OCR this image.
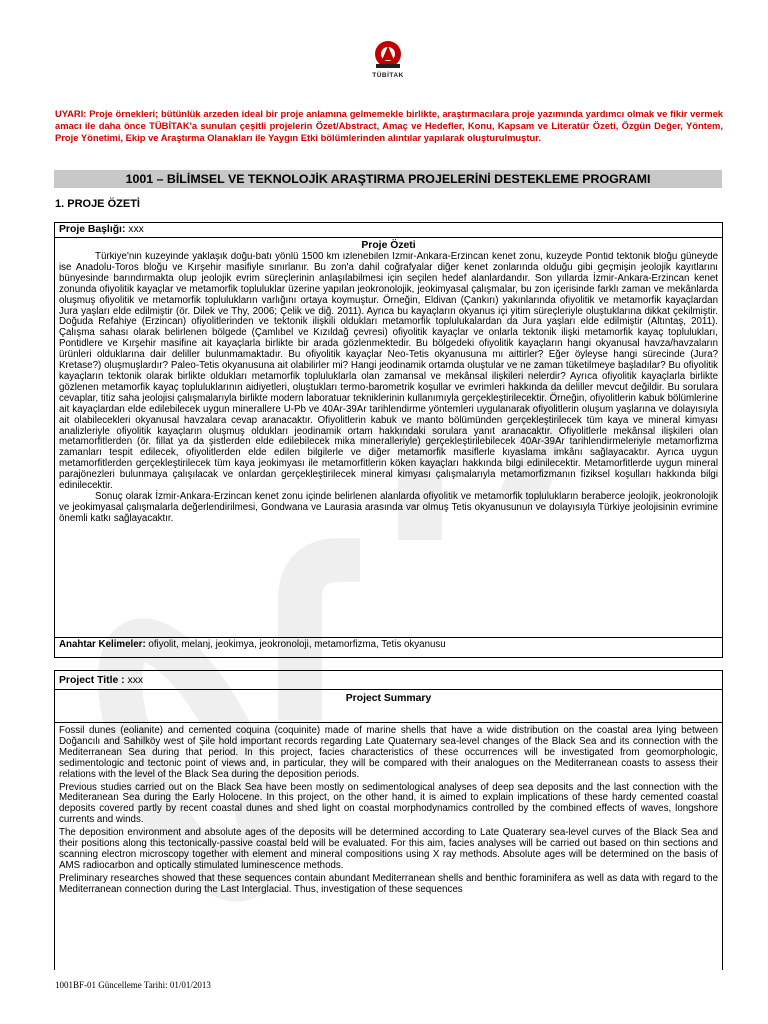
TÜBİTAK
UYARI: Proje örnekleri; bütünlük arzeden ideal bir proje anlamına gelmemekle birlikte, araştırmacılara proje yazımında yardımcı olmak ve fikir vermek amacı ile daha önce TÜBİTAK'a sunulan çeşitli projelerin Özet/Abstract, Amaç ve Hedefler, Konu, Kapsam ve Literatür Özeti, Özgün Değer, Yöntem, Proje Yönetimi, Ekip ve Araştırma Olanakları ile Yaygın Etki bölümlerinden alıntılar yapılarak oluşturulmuştur.
1001 – BİLİMSEL VE TEKNOLOJİK ARAŞTIRMA PROJELERİNİ DESTEKLEME PROGRAMI
1. PROJE ÖZETİ
Proje Başlığı: xxx
Proje Özeti
Türkiye'nin kuzeyinde yaklaşık doğu-batı yönlü 1500 km izlenebilen İzmir-Ankara-Erzincan kenet zonu, kuzeyde Pontid tektonik bloğu güneyde ise Anadolu-Toros bloğu ve Kırşehir masifiyle sınırlanır. Bu zon'a dahil coğrafyalar diğer kenet zonlarında olduğu gibi geçmişin jeolojik kayıtlarını bünyesinde barındırmakta olup jeolojik evrim süreçlerinin anlaşılabilmesi için seçilen hedef alanlardandır. Son yıllarda İzmir-Ankara-Erzincan kenet zonunda ofiyolitik kayaçlar ve metamorfik topluluklar üzerine yapılan jeokronolojik, jeokimyasal çalışmalar, bu zon içerisinde farklı zaman ve mekânlarda oluşmuş ofiyolitik ve metamorfik toplulukların varlığını ortaya koymuştur. Örneğin, Eldivan (Çankırı) yakınlarında ofiyolitik ve metamorfik kayaçlardan Jura yaşları elde edilmiştir (ör. Dilek ve Thy, 2006; Çelik ve diğ. 2011). Ayrıca bu kayaçların okyanus içi yitim süreçleriyle oluştuklarına dikkat çekilmiştir. Doğuda Refahiye (Erzincan) ofiyolitlerinden ve tektonik ilişkili oldukları metamorfik toplulukalardan da Jura yaşları elde edilmiştir (Altıntaş, 2011). Çalışma sahası olarak belirlenen bölgede (Çamlıbel ve Kızıldağ çevresi) ofiyolitik kayaçlar ve onlarla tektonik ilişki metamorfik kayaç toplulukları, Pontidlere ve Kırşehir masifine ait kayaçlarla birlikte bir arada gözlenmektedir. Bu bölgedeki ofiyolitik kayaçların hangi okyanusal havza/havzaların ürünleri olduklarına dair deliller bulunmamaktadır. Bu ofiyolitik kayaçlar Neo-Tetis okyanusuna mı aittirler? Eğer öyleyse hangi sürecinde (Jura? Kretase?) oluşmuşlardır? Paleo-Tetis okyanusuna ait olabilirler mi? Hangi jeodinamik ortamda oluştular ve ne zaman tüketilmeye başladılar? Bu ofiyolitik kayaçların tektonik olarak birlikte oldukları metamorfik topluluklarla olan zamansal ve mekânsal ilişkileri nelerdir? Ayrıca ofiyolitik kayaçlarla birlikte gözlenen metamorfik kayaç topluluklarının aidiyetleri, oluştukları termo-barometrik koşullar ve evrimleri hakkında da deliller mevcut değildir. Bu sorulara cevaplar, titiz saha jeolojisi çalışmalarıyla birlikte modern laboratuar tekniklerinin kullanımıyla gerçekleştirilecektir. Örneğin, ofiyolitlerin kabuk bölümlerine ait kayaçlardan elde edilebilecek uygun minerallere U-Pb ve 40Ar-39Ar tarihlendirme yöntemleri uygulanarak ofiyolitlerin oluşum yaşlarına ve dolayısıyla ait olabilecekleri okyanusal havzalara cevap aranacaktır. Ofiyolitlerin kabuk ve manto bölümünden gerçekleştirilecek tüm kaya ve mineral kimyası analizleriyle ofiyolitik kayaçların oluşmuş oldukları jeodinamik ortam hakkındaki sorulara yanıt aranacaktır. Ofiyolitlerle mekânsal ilişkileri olan metamorfitlerden (ör. fillat ya da şistlerden elde edilebilecek mika mineralleriyle) gerçekleştirilebilecek 40Ar-39Ar tarihlendirmeleriyle metamorfizma zamanları tespit edilecek, ofiyolitlerden elde edilen bilgilerle ve diğer metamorfik masiflerle kıyaslama imkânı sağlayacaktır. Ayrıca uygun metamorfitlerden gerçekleştirilecek tüm kaya jeokimyası ile metamorfitlerin köken kayaçları hakkında bilgi edinilecektir. Metamorfitlerde uygun mineral parajönezleri bulunmaya çalışılacak ve onlardan gerçekleştirilecek mineral kimyası çalışmalarıyla metamorfizmanın fiziksel koşulları hakkında bilgi edinilecektir.
Sonuç olarak İzmir-Ankara-Erzincan kenet zonu içinde belirlenen alanlarda ofiyolitik ve metamorfik toplulukların beraberce jeolojik, jeokronolojik ve jeokimyasal çalışmalarla değerlendirilmesi, Gondwana ve Laurasia arasında var olmuş Tetis okyanusunun ve dolayısıyla Türkiye jeolojisinin evrimine önemli katkı sağlayacaktır.
Anahtar Kelimeler: ofiyolit, melanj, jeokimya, jeokronoloji, metamorfizma, Tetis okyanusu
Project Title : xxx
Project Summary

Fossil dunes (eolianite) and cemented coquina (coquinite) made of marine shells that have a wide distribution on the coastal area lying between Doğancılı and Sahilköy west of Şile hold important records regarding Late Quaternary sea-level changes of the Black Sea and its connection with the Mediterranean Sea during that period. In this project, facies characteristics of these occurrences will be investigated from geomorphologic, sedimentologic and tectonic point of views and, in particular, they will be compared with their analogues on the Mediterranean coasts to assess their relations with the level of the Black Sea during the deposition periods.

Previous studies carried out on the Black Sea have been mostly on sedimentological analyses of deep sea deposits and the last connection with the Mediteranean Sea during the Early Holocene. In this project, on the other hand, it is aimed to explain implications of these hardy cemented coastal deposits covered partly by recent coastal dunes and shed light on coastal morphodynamics controlled by the combined effects of waves, longshore currents and winds.

The deposition environment and absolute ages of the deposits will be determined according to Late Quaterary sea-level curves of the Black Sea and their positions along this tectonically-passive coastal beld will be evaluated. For this aim, facies analyses will be carried out based on thin sections and scanning electron microscopy together with element and mineral compositions using X ray methods. Absolute ages will be determined on the basis of AMS radiocarbon and optically stimulated luminescence methods.

Preliminary researches showed that these sequences contain abundant Mediterranean shells and benthic foraminifera as well as data with regard to the Mediterranean connection during the Last Interglacial. Thus, investigation of these sequences

1001BF-01 Güncelleme Tarihi: 01/01/2013
